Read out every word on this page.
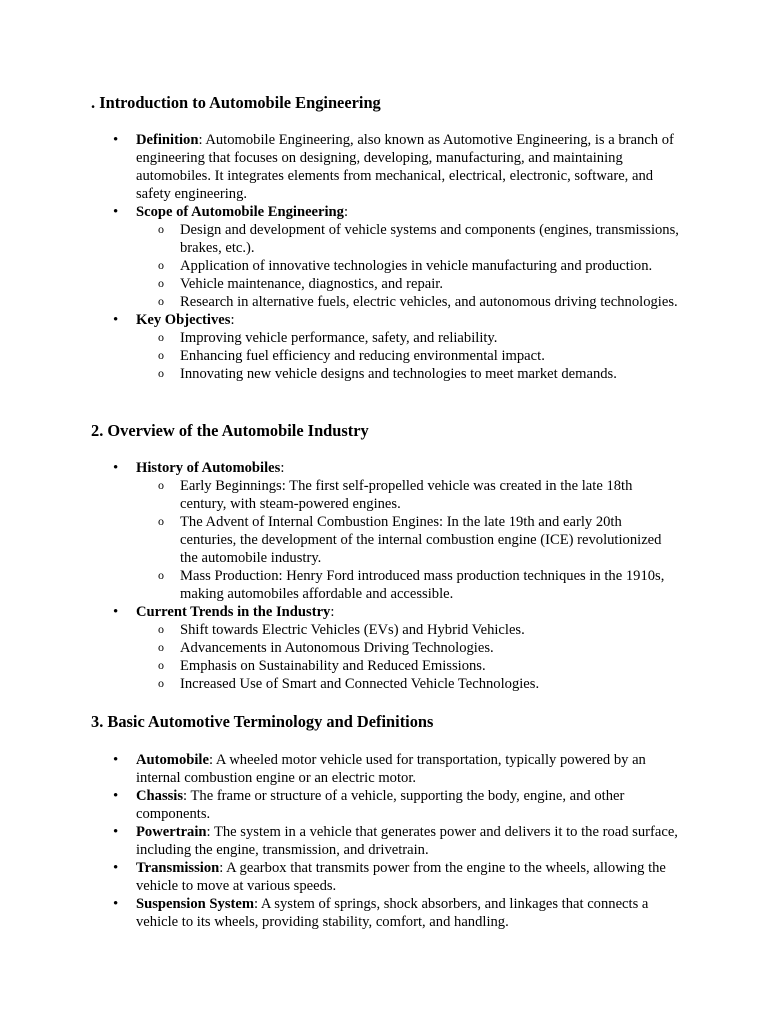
. Introduction to Automobile Engineering
• Definition: Automobile Engineering, also known as Automotive Engineering, is a branch of engineering that focuses on designing, developing, manufacturing, and maintaining automobiles. It integrates elements from mechanical, electrical, electronic, software, and safety engineering.
• Scope of Automobile Engineering:
o Design and development of vehicle systems and components (engines, transmissions, brakes, etc.).
o Application of innovative technologies in vehicle manufacturing and production.
o Vehicle maintenance, diagnostics, and repair.
o Research in alternative fuels, electric vehicles, and autonomous driving technologies.
• Key Objectives:
o Improving vehicle performance, safety, and reliability.
o Enhancing fuel efficiency and reducing environmental impact.
o Innovating new vehicle designs and technologies to meet market demands.
2. Overview of the Automobile Industry
• History of Automobiles:
o Early Beginnings: The first self-propelled vehicle was created in the late 18th century, with steam-powered engines.
o The Advent of Internal Combustion Engines: In the late 19th and early 20th centuries, the development of the internal combustion engine (ICE) revolutionized the automobile industry.
o Mass Production: Henry Ford introduced mass production techniques in the 1910s, making automobiles affordable and accessible.
• Current Trends in the Industry:
o Shift towards Electric Vehicles (EVs) and Hybrid Vehicles.
o Advancements in Autonomous Driving Technologies.
o Emphasis on Sustainability and Reduced Emissions.
o Increased Use of Smart and Connected Vehicle Technologies.
3. Basic Automotive Terminology and Definitions
• Automobile: A wheeled motor vehicle used for transportation, typically powered by an internal combustion engine or an electric motor.
• Chassis: The frame or structure of a vehicle, supporting the body, engine, and other components.
• Powertrain: The system in a vehicle that generates power and delivers it to the road surface, including the engine, transmission, and drivetrain.
• Transmission: A gearbox that transmits power from the engine to the wheels, allowing the vehicle to move at various speeds.
• Suspension System: A system of springs, shock absorbers, and linkages that connects a vehicle to its wheels, providing stability, comfort, and handling.
